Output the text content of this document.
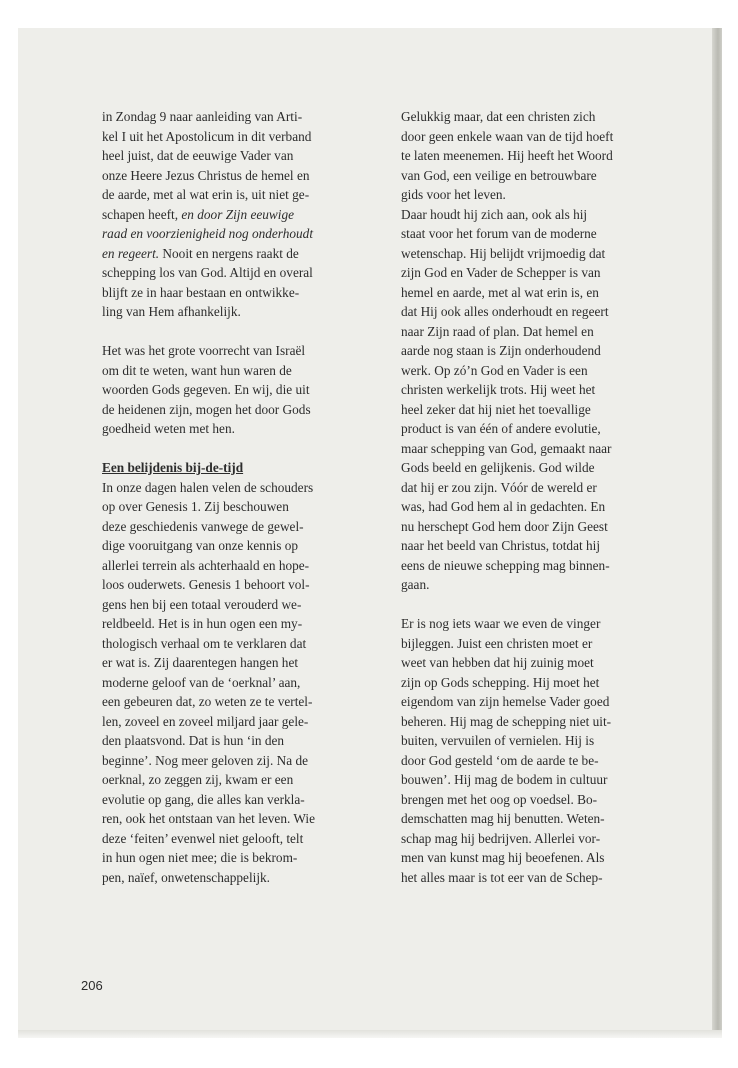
in Zondag 9 naar aanleiding van Arti-
kel I uit het Apostolicum in dit verband
heel juist, dat de eeuwige Vader van
onze Heere Jezus Christus de hemel en
de aarde, met al wat erin is, uit niet ge-
schapen heeft, en door Zijn eeuwige
raad en voorzienigheid nog onderhoudt
en regeert. Nooit en nergens raakt de
schepping los van God. Altijd en overal
blijft ze in haar bestaan en ontwikke-
ling van Hem afhankelijk.
Het was het grote voorrecht van Israël
om dit te weten, want hun waren de
woorden Gods gegeven. En wij, die uit
de heidenen zijn, mogen het door Gods
goedheid weten met hen.
Een belijdenis bij-de-tijd
In onze dagen halen velen de schouders
op over Genesis 1. Zij beschouwen
deze geschiedenis vanwege de gewel-
dige vooruitgang van onze kennis op
allerlei terrein als achterhaald en hope-
loos ouderwets. Genesis 1 behoort vol-
gens hen bij een totaal verouderd we-
reldbeeld. Het is in hun ogen een my-
thologisch verhaal om te verklaren dat
er wat is. Zij daarentegen hangen het
moderne geloof van de ‘oerknal’ aan,
een gebeuren dat, zo weten ze te vertel-
len, zoveel en zoveel miljard jaar gele-
den plaatsvond. Dat is hun ‘in den
beginne’. Nog meer geloven zij. Na de
oerknal, zo zeggen zij, kwam er een
evolutie op gang, die alles kan verkla-
ren, ook het ontstaan van het leven. Wie
deze ‘feiten’ evenwel niet gelooft, telt
in hun ogen niet mee; die is bekrom-
pen, naïef, onwetenschappelijk.
Gelukkig maar, dat een christen zich
door geen enkele waan van de tijd hoeft
te laten meenemen. Hij heeft het Woord
van God, een veilige en betrouwbare
gids voor het leven.
Daar houdt hij zich aan, ook als hij
staat voor het forum van de moderne
wetenschap. Hij belijdt vrijmoedig dat
zijn God en Vader de Schepper is van
hemel en aarde, met al wat erin is, en
dat Hij ook alles onderhoudt en regeert
naar Zijn raad of plan. Dat hemel en
aarde nog staan is Zijn onderhoudend
werk. Op zó’n God en Vader is een
christen werkelijk trots. Hij weet het
heel zeker dat hij niet het toevallige
product is van één of andere evolutie,
maar schepping van God, gemaakt naar
Gods beeld en gelijkenis. God wilde
dat hij er zou zijn. Vóór de wereld er
was, had God hem al in gedachten. En
nu herschept God hem door Zijn Geest
naar het beeld van Christus, totdat hij
eens de nieuwe schepping mag binnen-
gaan.
Er is nog iets waar we even de vinger
bijleggen. Juist een christen moet er
weet van hebben dat hij zuinig moet
zijn op Gods schepping. Hij moet het
eigendom van zijn hemelse Vader goed
beheren. Hij mag de schepping niet uit-
buiten, vervuilen of vernielen. Hij is
door God gesteld ‘om de aarde te be-
bouwen’. Hij mag de bodem in cultuur
brengen met het oog op voedsel. Bo-
demschatten mag hij benutten. Weten-
schap mag hij bedrijven. Allerlei vor-
men van kunst mag hij beoefenen. Als
het alles maar is tot eer van de Schep-
206
